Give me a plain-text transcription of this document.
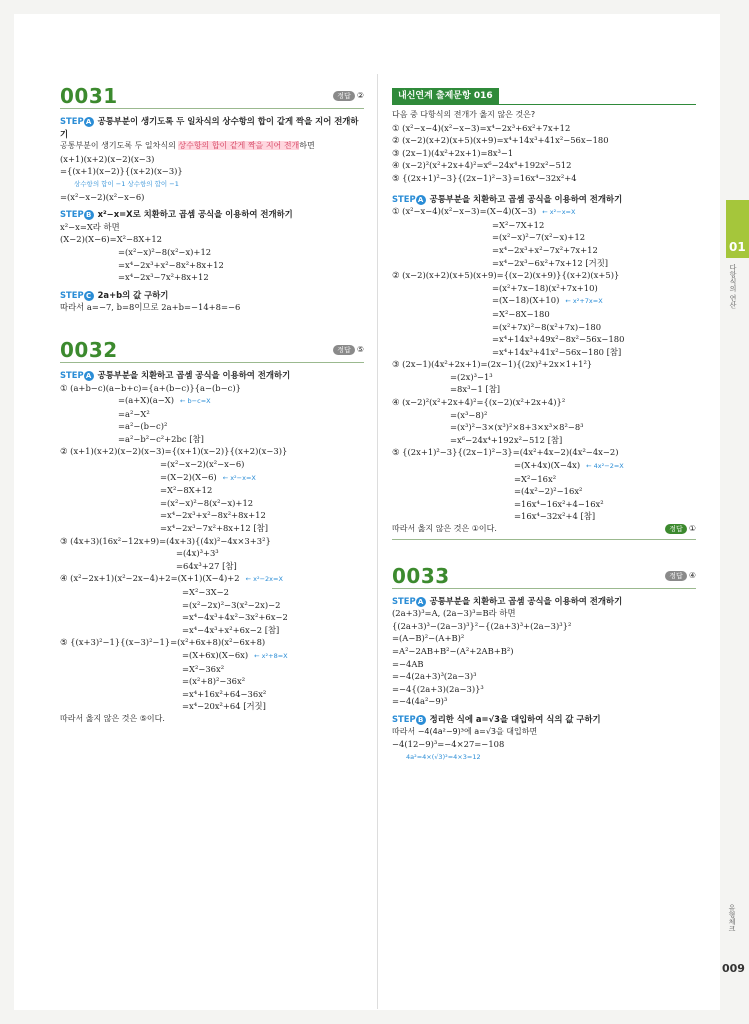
0031	정답 ②
STEP A 공통부분이 생기도록 두 일차식의 상수항의 합이 같게 짝을 지어 전개하기
공통부분이 생기도록 두 일차식의 상수항의 합이 같게 짝을 지어 전개하면
(x+1)(x+2)(x−2)(x−3)
={(x+1)(x−2)}{(x+2)(x−3)}
상수항의 합이 −1 상수항의 합이 −1
=(x²−x−2)(x²−x−6)
STEP B x²−x=X로 치환하고 곱셈 공식을 이용하여 전개하기
x²−x=X라 하면
(X−2)(X−6)=X²−8X+12
=(x²−x)²−8(x²−x)+12
=x⁴−2x³+x²−8x²+8x+12
=x⁴−2x³−7x²+8x+12
STEP C 2a+b의 값 구하기
따라서 a=−7, b=8이므로 2a+b=−14+8=−6
0032	정답 ⑤
STEP A 공통부분을 치환하고 곱셈 공식을 이용하여 전개하기
① (a+b−c)(a−b+c)={a+(b−c)}{a−(b−c)}
=(a+X)(a−X) ← b−c=X
=a²−X²
=a²−(b−c)²
=a²−b²−c²+2bc [참]
② (x+1)(x+2)(x−2)(x−3)={(x+1)(x−2)}{(x+2)(x−3)}
=(x²−x−2)(x²−x−6)
=(X−2)(X−6) ← x²−x=X
=X²−8X+12
=(x²−x)²−8(x²−x)+12
=x⁴−2x³+x²−8x²+8x+12
=x⁴−2x³−7x²+8x+12 [참]
③ (4x+3)(16x²−12x+9)=(4x+3){(4x)²−4x×3+3²}
=(4x)³+3³
=64x³+27 [참]
④ (x²−2x+1)(x²−2x−4)+2=(X+1)(X−4)+2 ← x²−2x=X
=X²−3X−2
=(x²−2x)²−3(x²−2x)−2
=x⁴−4x³+4x²−3x²+6x−2
=x⁴−4x³+x²+6x−2 [참]
⑤ {(x+3)²−1}{(x−3)²−1}=(x²+6x+8)(x²−6x+8)
=(X+6x)(X−6x) ← x²+8=X
=X²−36x²
=(x²+8)²−36x²
=x⁴+16x²+64−36x²
=x⁴−20x²+64 [거짓]
따라서 옳지 않은 것은 ⑤이다.
내신연계 출제문항 016
다음 중 다항식의 전개가 옳지 않은 것은?
① (x²−x−4)(x²−x−3)=x⁴−2x³+6x²+7x+12
② (x−2)(x+2)(x+5)(x+9)=x⁴+14x³+41x²−56x−180
③ (2x−1)(4x²+2x+1)=8x³−1
④ (x−2)²(x²+2x+4)²=x⁶−24x⁴+192x²−512
⑤ {(2x+1)²−3}{(2x−1)²−3}=16x⁴−32x²+4
STEP A 공통부분을 치환하고 곱셈 공식을 이용하여 전개하기
① (x²−x−4)(x²−x−3)=(X−4)(X−3) ← x²−x=X
=X²−7X+12
=(x²−x)²−7(x²−x)+12
=x⁴−2x³+x²−7x²+7x+12
=x⁴−2x³−6x²+7x+12 [거짓]
② (x−2)(x+2)(x+5)(x+9)={(x−2)(x+9)}{(x+2)(x+5)}
=(x²+7x−18)(x²+7x+10)
=(X−18)(X+10) ← x²+7x=X
=X²−8X−180
=(x²+7x)²−8(x²+7x)−180
=x⁴+14x³+49x²−8x²−56x−180
=x⁴+14x³+41x²−56x−180 [참]
③ (2x−1)(4x²+2x+1)=(2x−1){(2x)²+2x×1+1²}
=(2x)³−1³
=8x³−1 [참]
④ (x−2)²(x²+2x+4)²={(x−2)(x²+2x+4)}²
=(x³−8)²
=(x³)²−3×(x³)²×8+3×x³×8²−8³
=x⁶−24x⁴+192x²−512 [참]
⑤ {(2x+1)²−3}{(2x−1)²−3}=(4x²+4x−2)(4x²−4x−2)
=(X+4x)(X−4x) ← 4x²−2=X
=X²−16x²
=(4x²−2)²−16x²
=16x⁴−16x²+4−16x²
=16x⁴−32x²+4 [참]
따라서 옳지 않은 것은 ①이다.	정답 ①
0033	정답 ④
STEP A 공통부분을 치환하고 곱셈 공식을 이용하여 전개하기
(2a+3)³=A, (2a−3)³=B라 하면
{(2a+3)³−(2a−3)³}²−{(2a+3)³+(2a−3)³}²
=(A−B)²−(A+B)²
=A²−2AB+B²−(A²+2AB+B²)
=−4AB
=−4(2a+3)³(2a−3)³
=−4{(2a+3)(2a−3)}³
=−4(4a²−9)³
STEP B 정리한 식에 a=√3을 대입하여 식의 값 구하기
따라서 −4(4a²−9)³에 a=√3을 대입하면
−4(12−9)³=−4×27=−108
4a²=4×(√3)²=4×3=12
01
다항식의 연산
유형체크
009
